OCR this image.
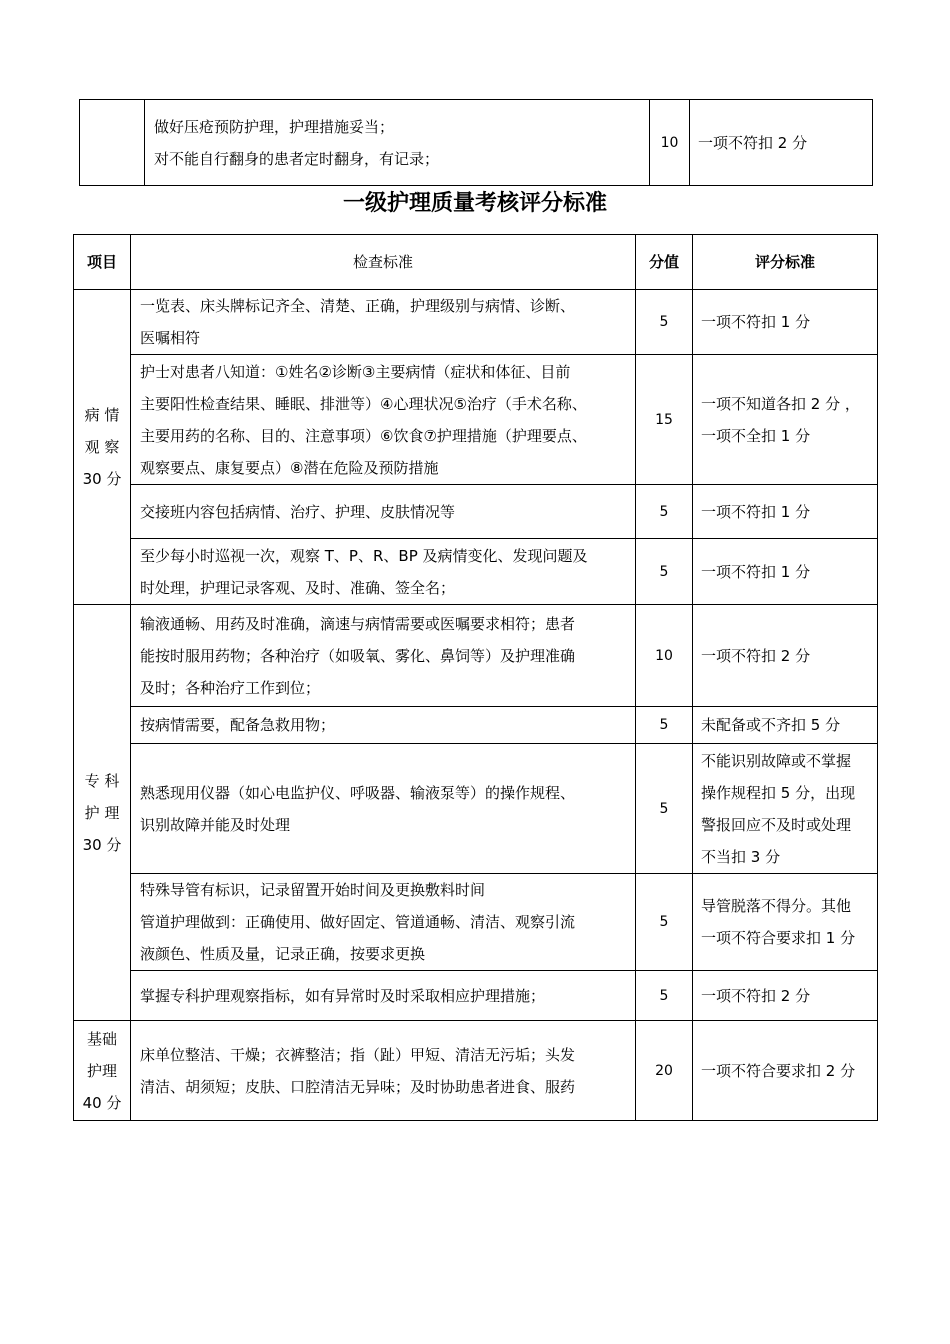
做好压疮预防护理，护理措施妥当；
对不能自行翻身的患者定时翻身，有记录；
	10	一项不符扣 2 分
一级护理质量考核评分标准
项目	检查标准	分值	评分标准

病 情
观 察
30 分	一览表、床头牌标记齐全、清楚、正确，护理级别与病情、诊断、
医嘱相符	5	一项不符扣 1 分

	护士对患者八知道：①姓名②诊断③主要病情（症状和体征、目前
主要阳性检查结果、睡眠、排泄等）④心理状况⑤治疗（手术名称、
主要用药的名称、目的、注意事项）⑥饮食⑦护理措施（护理要点、
观察要点、康复要点）⑧潜在危险及预防措施	15	一项不知道各扣 2 分 ，
一项不全扣 1 分

	交接班内容包括病情、治疗、护理、皮肤情况等	5	一项不符扣 1 分

	至少每小时巡视一次，观察 T、P、R、BP 及病情变化、发现问题及
时处理，护理记录客观、及时、准确、签全名；	5	一项不符扣 1 分

专 科
护 理
30 分	输液通畅、用药及时准确，滴速与病情需要或医嘱要求相符；患者
能按时服用药物；各种治疗（如吸氧、雾化、鼻饲等）及护理准确
及时；各种治疗工作到位；	10	一项不符扣 2 分

	按病情需要，配备急救用物；	5	未配备或不齐扣 5 分

	熟悉现用仪器（如心电监护仪、呼吸器、输液泵等）的操作规程、
识别故障并能及时处理	5	不能识别故障或不掌握
操作规程扣 5 分，出现
警报回应不及时或处理
不当扣 3 分

	特殊导管有标识，记录留置开始时间及更换敷料时间
管道护理做到：正确使用、做好固定、管道通畅、清洁、观察引流
液颜色、性质及量，记录正确，按要求更换	5	导管脱落不得分。其他
一项不符合要求扣 1 分

	掌握专科护理观察指标，如有异常时及时采取相应护理措施；	5	一项不符扣 2 分

基础
护理
40 分	床单位整洁、干燥；衣裤整洁；指（趾）甲短、清洁无污垢；头发
清洁、胡须短；皮肤、口腔清洁无异味；及时协助患者进食、服药	20	一项不符合要求扣 2 分
